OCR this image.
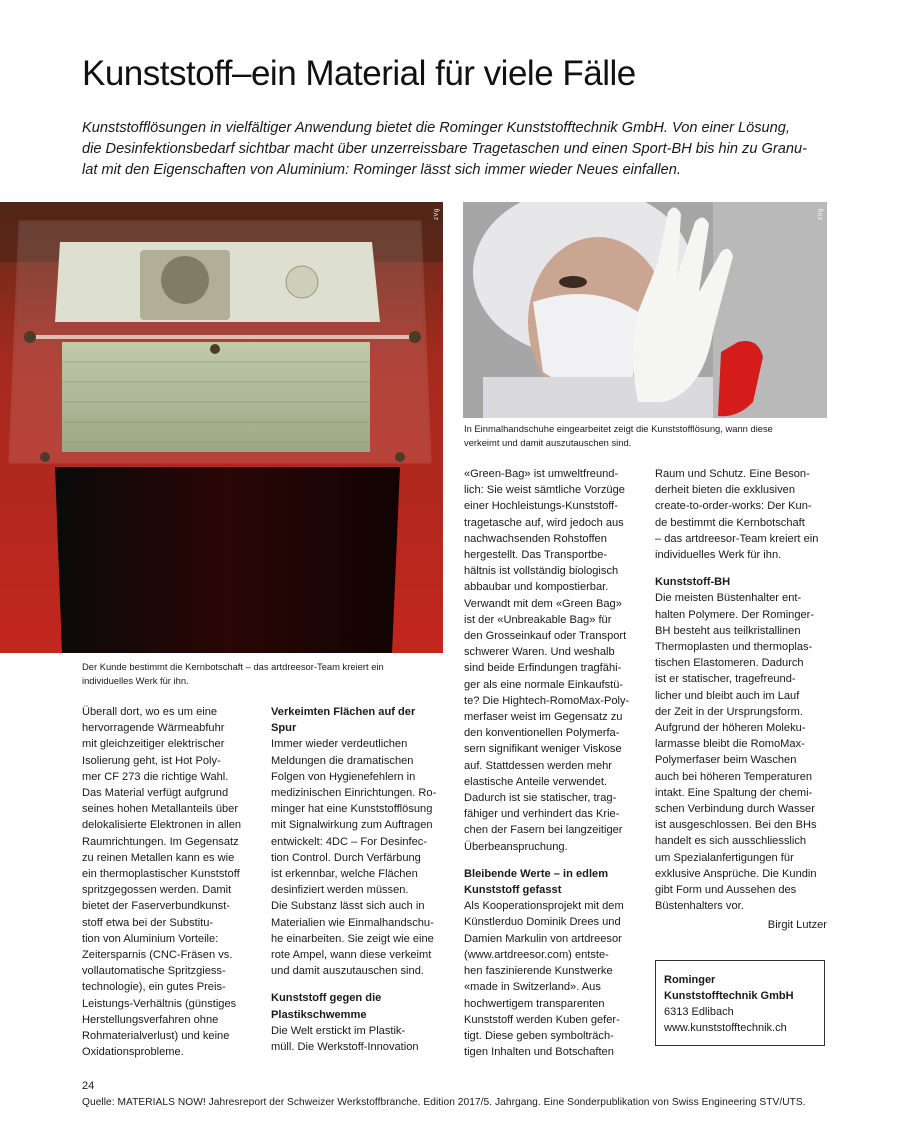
Kunststoff–ein Material für viele Fälle
Kunststofflösungen in vielfältiger Anwendung bietet die Rominger Kunststofftechnik GmbH. Von einer Lösung,
die Desinfektionsbedarf sichtbar macht über unzerreissbare Tragetaschen und einen Sport-BH bis hin zu Granu-
lat mit den Eigenschaften von Aluminium: Rominger lässt sich immer wieder Neues einfallen.
zVg
Der Kunde bestimmt die Kernbotschaft – das artdreesor-Team kreiert ein
individuelles Werk für ihn.
zVg
In Einmalhandschuhe eingearbeitet zeigt die Kunststofflösung, wann diese
verkeimt und damit auszutauschen sind.
Überall dort, wo es um eine
hervorragende Wärmeabfuhr
mit gleichzeitiger elektrischer
Isolierung geht, ist Hot Poly-
mer CF 273 die richtige Wahl.
Das Material verfügt aufgrund
seines hohen Metallanteils über
delokalisierte Elektronen in allen
Raumrichtungen. Im Gegensatz
zu reinen Metallen kann es wie
ein thermoplastischer Kunststoff
spritzgegossen werden. Damit
bietet der Faserverbundkunst-
stoff etwa bei der Substitu-
tion von Aluminium Vorteile:
Zeitersparnis (CNC-Fräsen vs.
vollautomatische Spritzgiess-
technologie), ein gutes Preis-
Leistungs-Verhältnis (günstiges
Herstellungsverfahren ohne
Rohmaterialverlust) und keine
Oxidationsprobleme.
Verkeimten Flächen auf der
Spur
Immer wieder verdeutlichen
Meldungen die dramatischen
Folgen von Hygienefehlern in
medizinischen Einrichtungen. Ro-
minger hat eine Kunststofflösung
mit Signalwirkung zum Auftragen
entwickelt: 4DC – For Desinfec-
tion Control. Durch Verfärbung
ist erkennbar, welche Flächen
desinfiziert werden müssen.
Die Substanz lässt sich auch in
Materialien wie Einmalhandschu-
he einarbeiten. Sie zeigt wie eine
rote Ampel, wann diese verkeimt
und damit auszutauschen sind.
Kunststoff gegen die
Plastikschwemme
Die Welt erstickt im Plastik-
müll. Die Werkstoff-Innovation
«Green-Bag» ist umweltfreund-
lich: Sie weist sämtliche Vorzüge
einer Hochleistungs-Kunststoff-
tragetasche auf, wird jedoch aus
nachwachsenden Rohstoffen
hergestellt. Das Transportbe-
hältnis ist vollständig biologisch
abbaubar und kompostierbar.
Verwandt mit dem «Green Bag»
ist der «Unbreakable Bag» für
den Grosseinkauf oder Transport
schwerer Waren. Und weshalb
sind beide Erfindungen tragfähi-
ger als eine normale Einkaufstü-
te? Die Hightech-RomoMax-Poly-
merfaser weist im Gegensatz zu
den konventionellen Polymerfa-
sern signifikant weniger Viskose
auf. Stattdessen werden mehr
elastische Anteile verwendet.
Dadurch ist sie statischer, trag-
fähiger und verhindert das Krie-
chen der Fasern bei langzeitiger
Überbeanspruchung.
Bleibende Werte – in edlem
Kunststoff gefasst
Als Kooperationsprojekt mit dem
Künstlerduo Dominik Drees und
Damien Markulin von artdreesor
(www.artdreesor.com) entste-
hen faszinierende Kunstwerke
«made in Switzerland». Aus
hochwertigem transparenten
Kunststoff werden Kuben gefer-
tigt. Diese geben symbolträch-
tigen Inhalten und Botschaften
Raum und Schutz. Eine Beson-
derheit bieten die exklusiven
create-to-order-works: Der Kun-
de bestimmt die Kernbotschaft
– das artdreesor-Team kreiert ein
individuelles Werk für ihn.
Kunststoff-BH
Die meisten Büstenhalter ent-
halten Polymere. Der Rominger-
BH besteht aus teilkristallinen
Thermoplasten und thermoplas-
tischen Elastomeren. Dadurch
ist er statischer, tragefreund-
licher und bleibt auch im Lauf
der Zeit in der Ursprungsform.
Aufgrund der höheren Moleku-
larmasse bleibt die RomoMax-
Polymerfaser beim Waschen
auch bei höheren Temperaturen
intakt. Eine Spaltung der chemi-
schen Verbindung durch Wasser
ist ausgeschlossen. Bei den BHs
handelt es sich ausschliesslich
um Spezialanfertigungen für
exklusive Ansprüche. Die Kundin
gibt Form und Aussehen des
Büstenhalters vor.
Birgit Lutzer
Rominger
Kunststofftechnik GmbH
6313 Edlibach
www.kunststofftechnik.ch
24
Quelle: MATERIALS NOW! Jahresreport der Schweizer Werkstoffbranche. Edition 2017/5. Jahrgang. Eine Sonderpublikation von Swiss Engineering STV/UTS.
